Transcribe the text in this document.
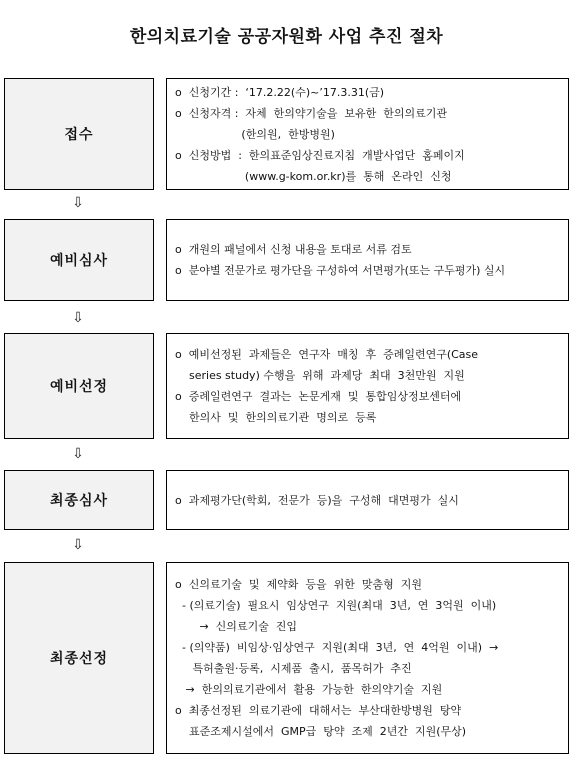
한의치료기술 공공자원화 사업 추진 절차
접수
o  신청기간 :  ‘17.2.22(수)~’17.3.31(금)
o  신청자격 :  자체  한의약기술을  보유한  한의의료기관
(한의원,  한방병원)
o  신청방법  :  한의표준임상진료지침  개발사업단  홈페이지
(www.g-kom.or.kr)를  통해  온라인  신청
⇩
예비심사
o  개원의 패널에서 신청 내용을 토대로 서류 검토
o  분야별 전문가로 평가단을 구성하여 서면평가(또는 구두평가) 실시
⇩
예비선정
o  예비선정된  과제들은  연구자  매칭  후  증례일련연구(Case
series study) 수행을  위해  과제당  최대  3천만원  지원
o  증례일련연구  결과는  논문게재  및  통합임상정보센터에
한의사  및  한의의료기관  명의로  등록
⇩
최종심사	o  과제평가단(학회,  전문가  등)을  구성해  대면평가  실시
⇩
최종선정
o  신의료기술  및  제약화  등을  위한  맞춤형  지원
- (의료기술)  필요시  임상연구  지원(최대  3년,  연  3억원  이내)
→  신의료기술  진입
- (의약품)  비임상·임상연구  지원(최대  3년,  연  4억원  이내)  →
특허출원·등록,  시제품  출시,  품목허가  추진
→  한의의료기관에서  활용  가능한  한의약기술  지원
o  최종선정된  의료기관에  대해서는  부산대한방병원  탕약
표준조제시설에서  GMP급  탕약  조제  2년간  지원(무상)
